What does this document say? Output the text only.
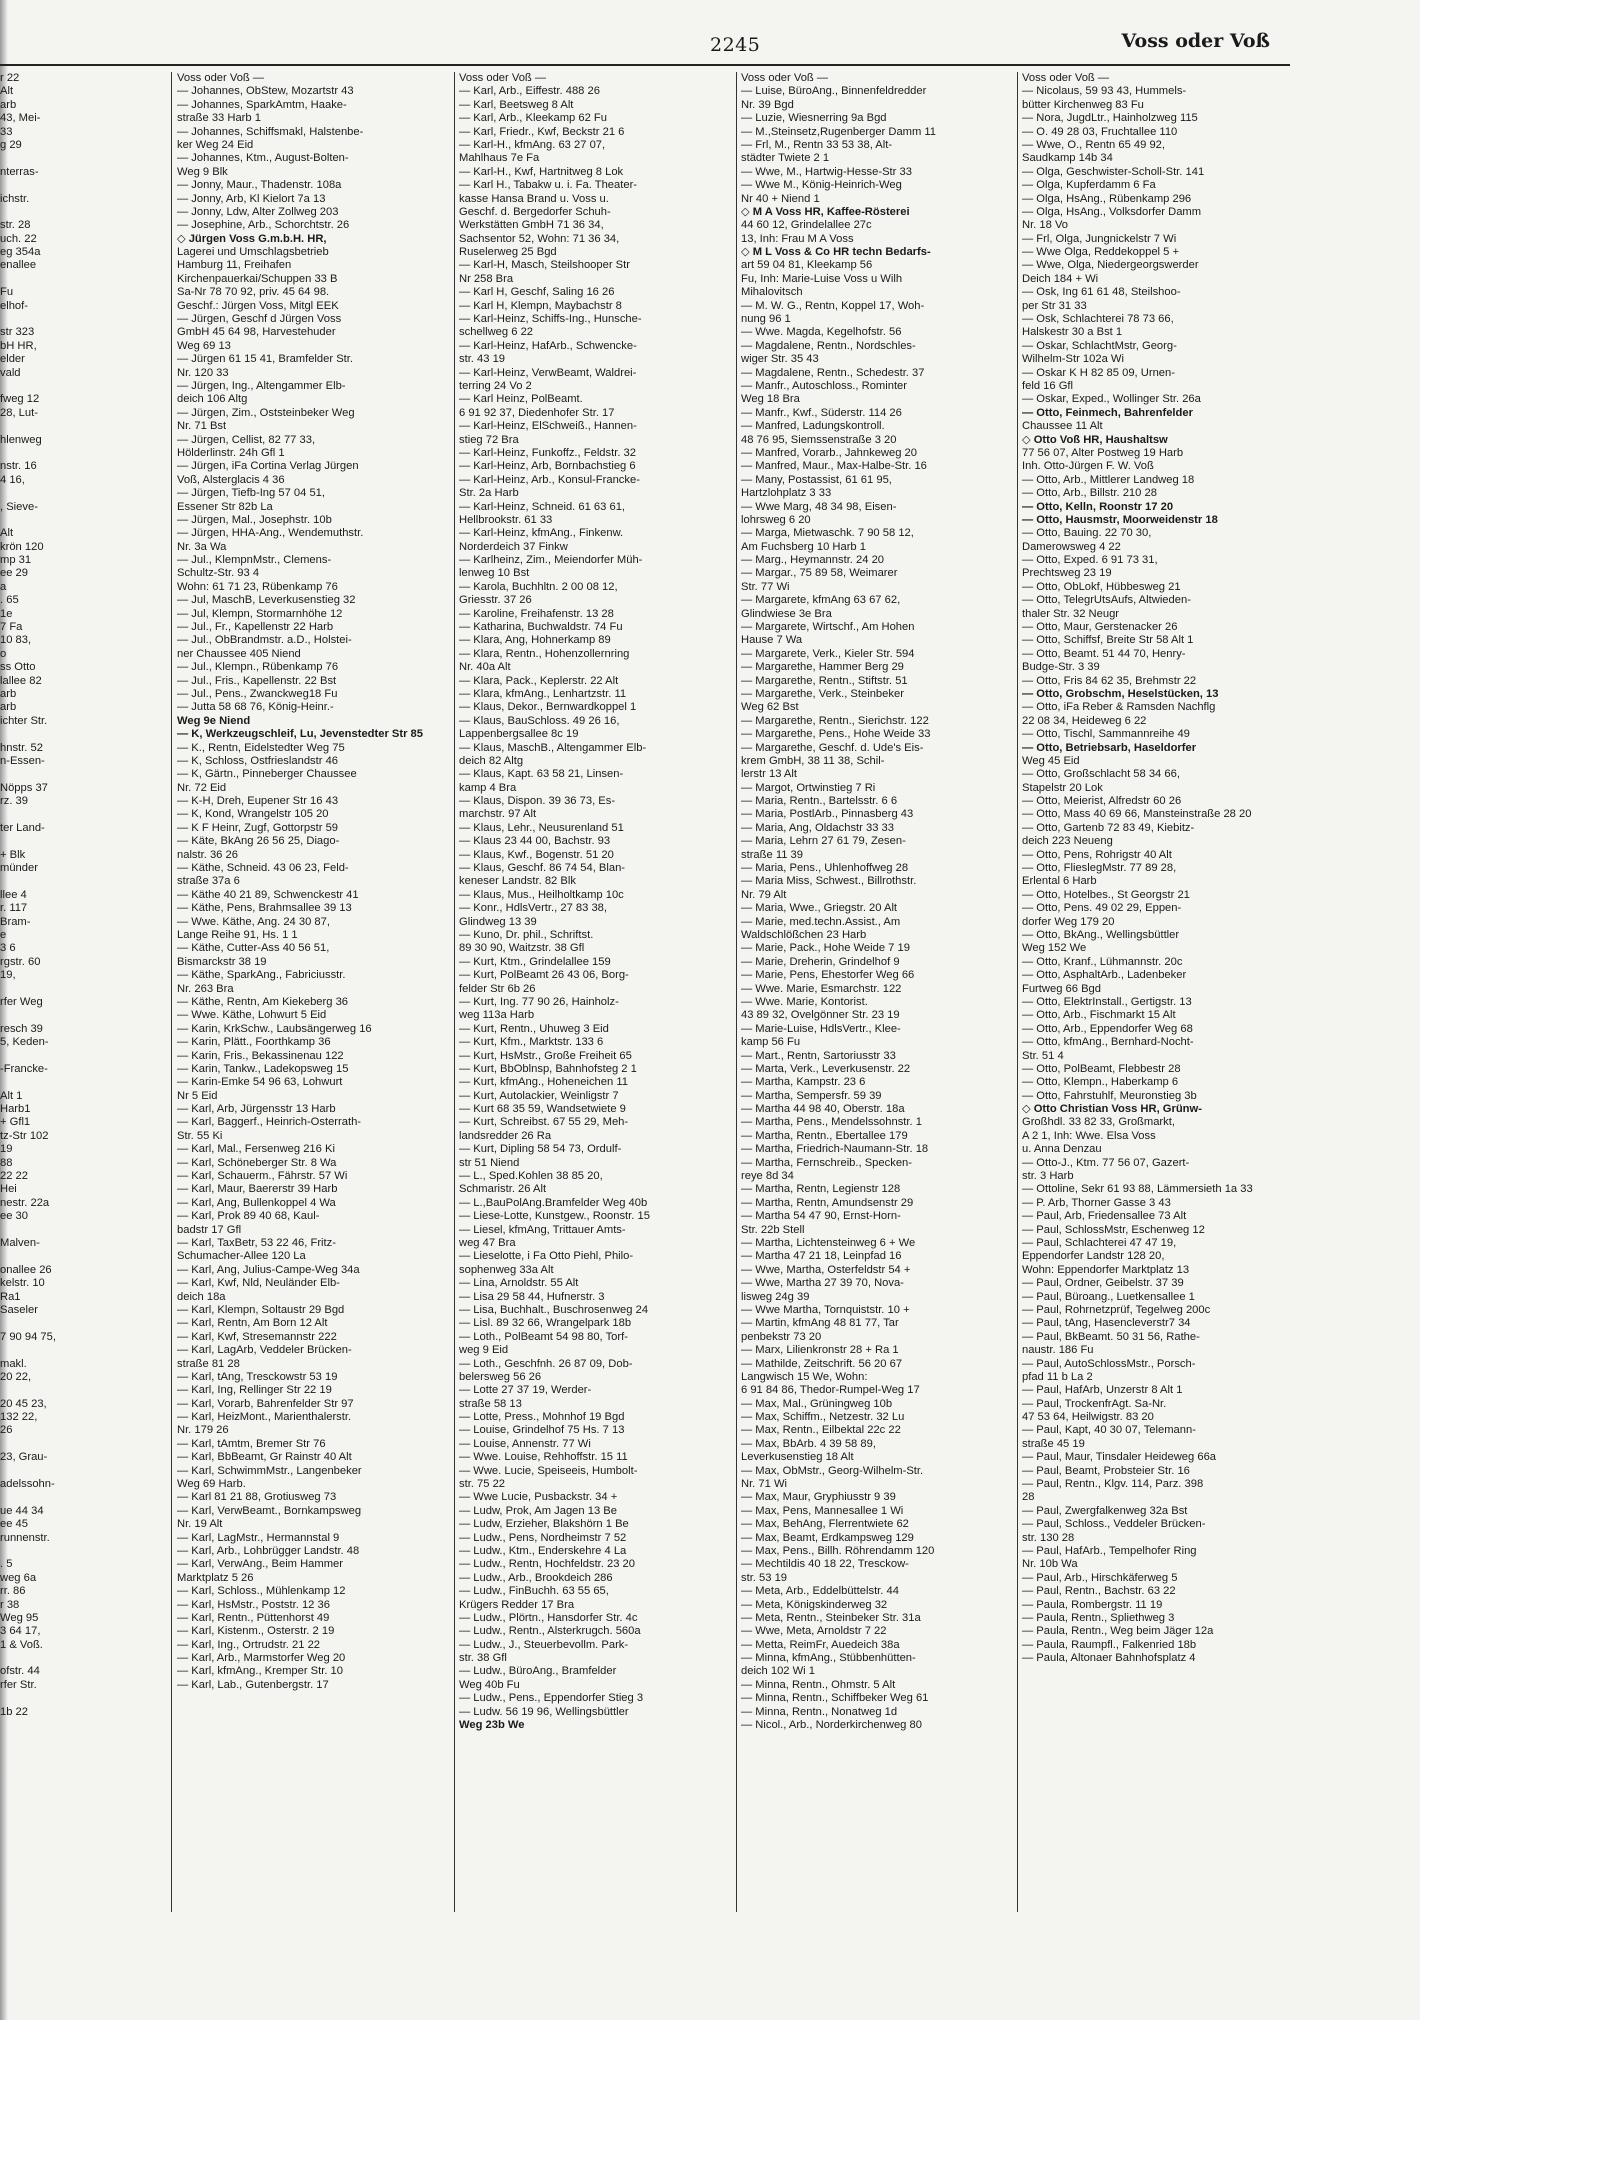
2245	Voss oder Voß
r 22
Alt
arb
43, Mei-
33
g 29
nterras-
ichstr.
str. 28
uch. 22
eg 354a
enallee
Fu
elhof-
str 323
bH HR,
elder
vald
fweg 12
28, Lut-
hlenweg
nstr. 16
4 16,
, Sieve-
Alt
krön 120
mp 31
ee 29
a
. 65
1e
7 Fa
10 83,
o
ss Otto
lallee 82
arb
arb
ichter Str.
hnstr. 52
n-Essen-
Nöpps 37
rz. 39
ter Land-
+ Blk
münder
llee 4
r. 117
Bram-
e
3 6
rgstr. 60
19,
rfer Weg
resch 39
5, Keden-
-Francke-
Alt 1
Harb1
+ Gfl1
tz-Str 102
19
88
22 22
Hei
nestr. 22a
ee 30
Malven-
onallee 26
kelstr. 10
Ra1
Saseler
7 90 94 75,
makl.
20 22,
20 45 23,
132 22,
26
23, Grau-
adelssohn-
ue 44 34
ee 45
runnenstr.
. 5
weg 6a
rr. 86
r 38
Weg 95
3 64 17,
1 & Voß.
ofstr. 44
rfer Str.
1b 22
Voss oder Voß —
— Johannes, ObStew, Mozartstr 43
— Johannes, SparkAmtm, Haake-
straße 33 Harb 1
— Johannes, Schiffsmakl, Halstenbe-
ker Weg 24 Eid
— Johannes, Ktm., August-Bolten-
Weg 9 Blk
— Jonny, Maur., Thadenstr. 108a
— Jonny, Arb, Kl Kielort 7a 13
— Jonny, Ldw, Alter Zollweg 203
— Josephine, Arb., Schorchtstr. 26
◇ Jürgen Voss G.m.b.H. HR,
Lagerei und Umschlagsbetrieb
Hamburg 11, Freihafen
Kirchenpauerkai/Schuppen 33 B
Sa-Nr 78 70 92, priv. 45 64 98.
Geschf.: Jürgen Voss, Mitgl EEK
— Jürgen, Geschf d Jürgen Voss
GmbH 45 64 98, Harvestehuder
Weg 69 13
— Jürgen 61 15 41, Bramfelder Str.
Nr. 120 33
— Jürgen, Ing., Altengammer Elb-
deich 106 Altg
— Jürgen, Zim., Oststeinbeker Weg
Nr. 71 Bst
— Jürgen, Cellist, 82 77 33,
Hölderlinstr. 24h Gfl 1
— Jürgen, iFa Cortina Verlag Jürgen
Voß, Alsterglacis 4 36
— Jürgen, Tiefb-Ing 57 04 51,
Essener Str 82b La
— Jürgen, Mal., Josephstr. 10b
— Jürgen, HHA-Ang., Wendemuthstr.
Nr. 3a Wa
— Jul., KlempnMstr., Clemens-
Schultz-Str. 93 4
Wohn: 61 71 23, Rübenkamp 76
— Jul, MaschB, Leverkusenstieg 32
— Jul, Klempn, Stormarnhöhe 12
— Jul., Fr., Kapellenstr 22 Harb
— Jul., ObBrandmstr. a.D., Holstei-
ner Chaussee 405 Niend
— Jul., Klempn., Rübenkamp 76
— Jul., Fris., Kapellenstr. 22 Bst
— Jul., Pens., Zwanckweg18 Fu
— Jutta 58 68 76, König-Heinr.-
Weg 9e Niend
— K, Werkzeugschleif, Lu, Jevenstedter Str 85
— K., Rentn, Eidelstedter Weg 75
— K, Schloss, Ostfrieslandstr 46
— K, Gärtn., Pinneberger Chaussee
Nr. 72 Eid
— K-H, Dreh, Eupener Str 16 43
— K, Kond, Wrangelstr 105 20
— K F Heinr, Zugf, Gottorpstr 59
— Käte, BkAng 26 56 25, Diago-
nalstr. 36 26
— Käthe, Schneid. 43 06 23, Feld-
straße 37a 6
— Käthe 40 21 89, Schwenckestr 41
— Käthe, Pens, Brahmsallee 39 13
— Wwe. Käthe, Ang. 24 30 87,
Lange Reihe 91, Hs. 1 1
— Käthe, Cutter-Ass 40 56 51,
Bismarckstr 38 19
— Käthe, SparkAng., Fabriciusstr.
Nr. 263 Bra
— Käthe, Rentn, Am Kiekeberg 36
— Wwe. Käthe, Lohwurt 5 Eid
— Karin, KrkSchw., Laubsängerweg 16
— Karin, Plätt., Foorthkamp 36
— Karin, Fris., Bekassinenau 122
— Karin, Tankw., Ladekopsweg 15
— Karin-Emke 54 96 63, Lohwurt
Nr 5 Eid
— Karl, Arb, Jürgensstr 13 Harb
— Karl, Baggerf., Heinrich-Osterrath-
Str. 55 Ki
— Karl, Mal., Fersenweg 216 Ki
— Karl, Schöneberger Str. 8 Wa
— Karl, Schauerm., Fährstr. 57 Wi
— Karl, Maur, Baererstr 39 Harb
— Karl, Ang, Bullenkoppel 4 Wa
— Karl, Prok 89 40 68, Kaul-
badstr 17 Gfl
— Karl, TaxBetr, 53 22 46, Fritz-
Schumacher-Allee 120 La
— Karl, Ang, Julius-Campe-Weg 34a
— Karl, Kwf, Nld, Neuländer Elb-
deich 18a
— Karl, Klempn, Soltaustr 29 Bgd
— Karl, Rentn, Am Born 12 Alt
— Karl, Kwf, Stresemannstr 222
— Karl, LagArb, Veddeler Brücken-
straße 81 28
— Karl, tAng, Tresckowstr 53 19
— Karl, Ing, Rellinger Str 22 19
— Karl, Vorarb, Bahrenfelder Str 97
— Karl, HeizMont., Marienthalerstr.
Nr. 179 26
— Karl, tAmtm, Bremer Str 76
— Karl, BbBeamt, Gr Rainstr 40 Alt
— Karl, SchwimmMstr., Langenbeker
Weg 69 Harb.
— Karl 81 21 88, Grotiusweg 73
— Karl, VerwBeamt., Bornkampsweg
Nr. 19 Alt
— Karl, LagMstr., Hermannstal 9
— Karl, Arb., Lohbrügger Landstr. 48
— Karl, VerwAng., Beim Hammer
Marktplatz 5 26
— Karl, Schloss., Mühlenkamp 12
— Karl, HsMstr., Poststr. 12 36
— Karl, Rentn., Püttenhorst 49
— Karl, Kistenm., Osterstr. 2 19
— Karl, Ing., Ortrudstr. 21 22
— Karl, Arb., Marmstorfer Weg 20
— Karl, kfmAng., Kremper Str. 10
— Karl, Lab., Gutenbergstr. 17
Voss oder Voß —
— Karl, Arb., Eiffestr. 488 26
— Karl, Beetsweg 8 Alt
— Karl, Arb., Kleekamp 62 Fu
— Karl, Friedr., Kwf, Beckstr 21 6
— Karl-H., kfmAng. 63 27 07,
Mahlhaus 7e Fa
— Karl-H., Kwf, Hartnitweg 8 Lok
— Karl H., Tabakw u. i. Fa. Theater-
kasse Hansa Brand u. Voss u.
Geschf. d. Bergedorfer Schuh-
Werkstätten GmbH 71 36 34,
Sachsentor 52, Wohn: 71 36 34,
Ruselerweg 25 Bgd
— Karl-H, Masch, Steilshooper Str
Nr 258 Bra
— Karl H, Geschf, Saling 16 26
— Karl H, Klempn, Maybachstr 8
— Karl-Heinz, Schiffs-Ing., Hunsche-
schellweg 6 22
— Karl-Heinz, HafArb., Schwencke-
str. 43 19
— Karl-Heinz, VerwBeamt, Waldrei-
terring 24 Vo 2
— Karl Heinz, PolBeamt.
6 91 92 37, Diedenhofer Str. 17
— Karl-Heinz, ElSchweiß., Hannen-
stieg 72 Bra
— Karl-Heinz, Funkoffz., Feldstr. 32
— Karl-Heinz, Arb, Bornbachstieg 6
— Karl-Heinz, Arb., Konsul-Francke-
Str. 2a Harb
— Karl-Heinz, Schneid. 61 63 61,
Hellbrookstr. 61 33
— Karl-Heinz, kfmAng., Finkenw.
Norderdeich 37 Finkw
— Karlheinz, Zim., Meiendorfer Müh-
lenweg 10 Bst
— Karola, Buchhltn. 2 00 08 12,
Griesstr. 37 26
— Karoline, Freihafenstr. 13 28
— Katharina, Buchwaldstr. 74 Fu
— Klara, Ang, Hohnerkamp 89
— Klara, Rentn., Hohenzollernring
Nr. 40a Alt
— Klara, Pack., Keplerstr. 22 Alt
— Klara, kfmAng., Lenhartzstr. 11
— Klaus, Dekor., Bernwardkoppel 1
— Klaus, BauSchloss. 49 26 16,
Lappenbergsallee 8c 19
— Klaus, MaschB., Altengammer Elb-
deich 82 Altg
— Klaus, Kapt. 63 58 21, Linsen-
kamp 4 Bra
— Klaus, Dispon. 39 36 73, Es-
marchstr. 97 Alt
— Klaus, Lehr., Neusurenland 51
— Klaus 23 44 00, Bachstr. 93
— Klaus, Kwf., Bogenstr. 51 20
— Klaus, Geschf. 86 74 54, Blan-
keneser Landstr. 82 Blk
— Klaus, Mus., Heilholtkamp 10c
— Konr., HdlsVertr., 27 83 38,
Glindweg 13 39
— Kuno, Dr. phil., Schriftst.
89 30 90, Waitzstr. 38 Gfl
— Kurt, Ktm., Grindelallee 159
— Kurt, PolBeamt 26 43 06, Borg-
felder Str 6b 26
— Kurt, Ing. 77 90 26, Hainholz-
weg 113a Harb
— Kurt, Rentn., Uhuweg 3 Eid
— Kurt, Kfm., Marktstr. 133 6
— Kurt, HsMstr., Große Freiheit 65
— Kurt, BbOblnsp, Bahnhofsteg 2 1
— Kurt, kfmAng., Hoheneichen 11
— Kurt, Autolackier, Weinligstr 7
— Kurt 68 35 59, Wandsetwiete 9
— Kurt, Schreibst. 67 55 29, Meh-
landsredder 26 Ra
— Kurt, Dipling 58 54 73, Ordulf-
str 51 Niend
— L., Sped.Kohlen 38 85 20,
Schmaristr. 26 Alt
— L.,BauPolAng.Bramfelder Weg 40b
— Liese-Lotte, Kunstgew., Roonstr. 15
— Liesel, kfmAng, Trittauer Amts-
weg 47 Bra
— Lieselotte, i Fa Otto Piehl, Philo-
sophenweg 33a Alt
— Lina, Arnoldstr. 55 Alt
— Lisa 29 58 44, Hufnerstr. 3
— Lisa, Buchhalt., Buschrosenweg 24
— Lisl. 89 32 66, Wrangelpark 18b
— Loth., PolBeamt 54 98 80, Torf-
weg 9 Eid
— Loth., Geschfnh. 26 87 09, Dob-
belersweg 56 26
— Lotte 27 37 19, Werder-
straße 58 13
— Lotte, Press., Mohnhof 19 Bgd
— Louise, Grindelhof 75 Hs. 7 13
— Louise, Annenstr. 77 Wi
— Wwe. Louise, Rehhoffstr. 15 11
— Wwe. Lucie, Speiseeis, Humbolt-
str. 75 22
— Wwe Lucie, Pusbackstr. 34 +
— Ludw, Prok, Am Jagen 13 Be
— Ludw, Erzieher, Blakshörn 1 Be
— Ludw., Pens, Nordheimstr 7 52
— Ludw., Ktm., Enderskehre 4 La
— Ludw., Rentn, Hochfeldstr. 23 20
— Ludw., Arb., Brookdeich 286
— Ludw., FinBuchh. 63 55 65,
Krügers Redder 17 Bra
— Ludw., Plörtn., Hansdorfer Str. 4c
— Ludw., Rentn., Alsterkrugch. 560a
— Ludw., J., Steuerbevollm. Park-
str. 38 Gfl
— Ludw., BüroAng., Bramfelder
Weg 40b Fu
— Ludw., Pens., Eppendorfer Stieg 3
— Ludw. 56 19 96, Wellingsbüttler
Weg 23b We
Voss oder Voß —
— Luise, BüroAng., Binnenfeldredder
Nr. 39 Bgd
— Luzie, Wiesnerring 9a Bgd
— M.,Steinsetz,Rugenberger Damm 11
— Frl, M., Rentn 33 53 38, Alt-
städter Twiete 2 1
— Wwe, M., Hartwig-Hesse-Str 33
— Wwe M., König-Heinrich-Weg
Nr 40 + Niend 1
◇ M A Voss HR, Kaffee-Rösterei
44 60 12, Grindelallee 27c
13, Inh: Frau M A Voss
◇ M L Voss & Co HR techn Bedarfs-
art 59 04 81, Kleekamp 56
Fu, Inh: Marie-Luise Voss u Wilh
Mihalovitsch
— M. W. G., Rentn, Koppel 17, Woh-
nung 96 1
— Wwe. Magda, Kegelhofstr. 56
— Magdalene, Rentn., Nordschles-
wiger Str. 35 43
— Magdalene, Rentn., Schedestr. 37
— Manfr., Autoschloss., Rominter
Weg 18 Bra
— Manfr., Kwf., Süderstr. 114 26
— Manfred, Ladungskontroll.
48 76 95, Siemssenstraße 3 20
— Manfred, Vorarb., Jahnkeweg 20
— Manfred, Maur., Max-Halbe-Str. 16
— Many, Postassist, 61 61 95,
Hartzlohplatz 3 33
— Wwe Marg, 48 34 98, Eisen-
lohrsweg 6 20
— Marga, Mietwaschk. 7 90 58 12,
Am Fuchsberg 10 Harb 1
— Marg., Heymannstr. 24 20
— Margar., 75 89 58, Weimarer
Str. 77 Wi
— Margarete, kfmAng 63 67 62,
Glindwiese 3e Bra
— Margarete, Wirtschf., Am Hohen
Hause 7 Wa
— Margarete, Verk., Kieler Str. 594
— Margarethe, Hammer Berg 29
— Margarethe, Rentn., Stiftstr. 51
— Margarethe, Verk., Steinbeker
Weg 62 Bst
— Margarethe, Rentn., Sierichstr. 122
— Margarethe, Pens., Hohe Weide 33
— Margarethe, Geschf. d. Ude's Eis-
krem GmbH, 38 11 38, Schil-
lerstr 13 Alt
— Margot, Ortwinstieg 7 Ri
— Maria, Rentn., Bartelsstr. 6 6
— Maria, PostlArb., Pinnasberg 43
— Maria, Ang, Oldachstr 33 33
— Maria, Lehrn 27 61 79, Zesen-
straße 11 39
— Maria, Pens., Uhlenhoffweg 28
— Maria Miss, Schwest., Billrothstr.
Nr. 79 Alt
— Maria, Wwe., Griegstr. 20 Alt
— Marie, med.techn.Assist., Am
Waldschlößchen 23 Harb
— Marie, Pack., Hohe Weide 7 19
— Marie, Dreherin, Grindelhof 9
— Marie, Pens, Ehestorfer Weg 66
— Wwe. Marie, Esmarchstr. 122
— Wwe. Marie, Kontorist.
43 89 32, Ovelgönner Str. 23 19
— Marie-Luise, HdlsVertr., Klee-
kamp 56 Fu
— Mart., Rentn, Sartoriusstr 33
— Marta, Verk., Leverkusenstr. 22
— Martha, Kampstr. 23 6
— Martha, Sempersfr. 59 39
— Martha 44 98 40, Oberstr. 18a
— Martha, Pens., Mendelssohnstr. 1
— Martha, Rentn., Ebertallee 179
— Martha, Friedrich-Naumann-Str. 18
— Martha, Fernschreib., Specken-
reye 8d 34
— Martha, Rentn, Legienstr 128
— Martha, Rentn, Amundsenstr 29
— Martha 54 47 90, Ernst-Horn-
Str. 22b Stell
— Martha, Lichtensteinweg 6 + We
— Martha 47 21 18, Leinpfad 16
— Wwe, Martha, Osterfeldstr 54 +
— Wwe, Martha 27 39 70, Nova-
lisweg 24g 39
— Wwe Martha, Tornquiststr. 10 +
— Martin, kfmAng 48 81 77, Tar
penbekstr 73 20
— Marx, Lilienkronstr 28 + Ra 1
— Mathilde, Zeitschrift. 56 20 67
Langwisch 15 We, Wohn:
6 91 84 86, Thedor-Rumpel-Weg 17
— Max, Mal., Grüningweg 10b
— Max, Schiffm., Netzestr. 32 Lu
— Max, Rentn., Eilbektal 22c 22
— Max, BbArb. 4 39 58 89,
Leverkusenstieg 18 Alt
— Max, ObMstr., Georg-Wilhelm-Str.
Nr. 71 Wi
— Max, Maur, Gryphiusstr 9 39
— Max, Pens, Mannesallee 1 Wi
— Max, BehAng, Flerrentwiete 62
— Max, Beamt, Erdkampsweg 129
— Max, Pens., Billh. Röhrendamm 120
— Mechtildis 40 18 22, Tresckow-
str. 53 19
— Meta, Arb., Eddelbüttelstr. 44
— Meta, Königskinderweg 32
— Meta, Rentn., Steinbeker Str. 31a
— Wwe, Meta, Arnoldstr 7 22
— Metta, ReimFr, Auedeich 38a
— Minna, kfmAng., Stübbenhütten-
deich 102 Wi 1
— Minna, Rentn., Ohmstr. 5 Alt
— Minna, Rentn., Schiffbeker Weg 61
— Minna, Rentn., Nonatweg 1d
— Nicol., Arb., Norderkirchenweg 80
Voss oder Voß —
— Nicolaus, 59 93 43, Hummels-
bütter Kirchenweg 83 Fu
— Nora, JugdLtr., Hainholzweg 115
— O. 49 28 03, Fruchtallee 110
— Wwe, O., Rentn 65 49 92,
Saudkamp 14b 34
— Olga, Geschwister-Scholl-Str. 141
— Olga, Kupferdamm 6 Fa
— Olga, HsAng., Rübenkamp 296
— Olga, HsAng., Volksdorfer Damm
Nr. 18 Vo
— Frl, Olga, Jungnickelstr 7 Wi
— Wwe Olga, Reddekoppel 5 +
— Wwe, Olga, Niedergeorgswerder
Deich 184 + Wi
— Osk, Ing 61 61 48, Steilshoo-
per Str 31 33
— Osk, Schlachterei 78 73 66,
Halskestr 30 a Bst 1
— Oskar, SchlachtMstr, Georg-
Wilhelm-Str 102a Wi
— Oskar K H 82 85 09, Urnen-
feld 16 Gfl
— Oskar, Exped., Wollinger Str. 26a
— Otto, Feinmech, Bahrenfelder
Chaussee 11 Alt
◇ Otto Voß HR, Haushaltsw
77 56 07, Alter Postweg 19 Harb
Inh. Otto-Jürgen F. W. Voß
— Otto, Arb., Mittlerer Landweg 18
— Otto, Arb., Billstr. 210 28
— Otto, Kelln, Roonstr 17 20
— Otto, Hausmstr, Moorweidenstr 18
— Otto, Bauing. 22 70 30,
Damerowsweg 4 22
— Otto, Exped. 6 91 73 31,
Prechtsweg 23 19
— Otto, ObLokf, Hübbesweg 21
— Otto, TelegrUtsAufs, Altwieden-
thaler Str. 32 Neugr
— Otto, Maur, Gerstenacker 26
— Otto, Schiffsf, Breite Str 58 Alt 1
— Otto, Beamt. 51 44 70, Henry-
Budge-Str. 3 39
— Otto, Fris 84 62 35, Brehmstr 22
— Otto, Grobschm, Heselstücken, 13
— Otto, iFa Reber & Ramsden Nachflg
22 08 34, Heideweg 6 22
— Otto, Tischl, Sammannreihe 49
— Otto, Betriebsarb, Haseldorfer
Weg 45 Eid
— Otto, Großschlacht 58 34 66,
Stapelstr 20 Lok
— Otto, Meierist, Alfredstr 60 26
— Otto, Mass 40 69 66, Mansteinstraße 28 20
— Otto, Gartenb 72 83 49, Kiebitz-
deich 223 Neueng
— Otto, Pens, Rohrigstr 40 Alt
— Otto, FlieslegMstr. 77 89 28,
Erlental 6 Harb
— Otto, Hotelbes., St Georgstr 21
— Otto, Pens. 49 02 29, Eppen-
dorfer Weg 179 20
— Otto, BkAng., Wellingsbüttler
Weg 152 We
— Otto, Kranf., Lühmannstr. 20c
— Otto, AsphaltArb., Ladenbeker
Furtweg 66 Bgd
— Otto, ElektrInstall., Gertigstr. 13
— Otto, Arb., Fischmarkt 15 Alt
— Otto, Arb., Eppendorfer Weg 68
— Otto, kfmAng., Bernhard-Nocht-
Str. 51 4
— Otto, PolBeamt, Flebbestr 28
— Otto, Klempn., Haberkamp 6
— Otto, Fahrstuhlf, Meuronstieg 3b
◇ Otto Christian Voss HR, Grünw-
Großhdl. 33 82 33, Großmarkt,
A 2 1, Inh: Wwe. Elsa Voss
u. Anna Denzau
— Otto-J., Ktm. 77 56 07, Gazert-
str. 3 Harb
— Ottoline, Sekr 61 93 88, Lämmersieth 1a 33
— P. Arb, Thorner Gasse 3 43
— Paul, Arb, Friedensallee 73 Alt
— Paul, SchlossMstr, Eschenweg 12
— Paul, Schlachterei 47 47 19,
Eppendorfer Landstr 128 20,
Wohn: Eppendorfer Marktplatz 13
— Paul, Ordner, Geibelstr. 37 39
— Paul, Büroang., Luetkensallee 1
— Paul, Rohrnetzprüf, Tegelweg 200c
— Paul, tAng, Hasencleverstr7 34
— Paul, BkBeamt. 50 31 56, Rathe-
naustr. 186 Fu
— Paul, AutoSchlossMstr., Porsch-
pfad 11 b La 2
— Paul, HafArb, Unzerstr 8 Alt 1
— Paul, TrockenfrAgt. Sa-Nr.
47 53 64, Heilwigstr. 83 20
— Paul, Kapt, 40 30 07, Telemann-
straße 45 19
— Paul, Maur, Tinsdaler Heideweg 66a
— Paul, Beamt, Probsteier Str. 16
— Paul, Rentn., Klgv. 114, Parz. 398
28
— Paul, Zwergfalkenweg 32a Bst
— Paul, Schloss., Veddeler Brücken-
str. 130 28
— Paul, HafArb., Tempelhofer Ring
Nr. 10b Wa
— Paul, Arb., Hirschkäferweg 5
— Paul, Rentn., Bachstr. 63 22
— Paula, Rombergstr. 11 19
— Paula, Rentn., Spliethweg 3
— Paula, Rentn., Weg beim Jäger 12a
— Paula, Raumpfl., Falkenried 18b
— Paula, Altonaer Bahnhofsplatz 4
